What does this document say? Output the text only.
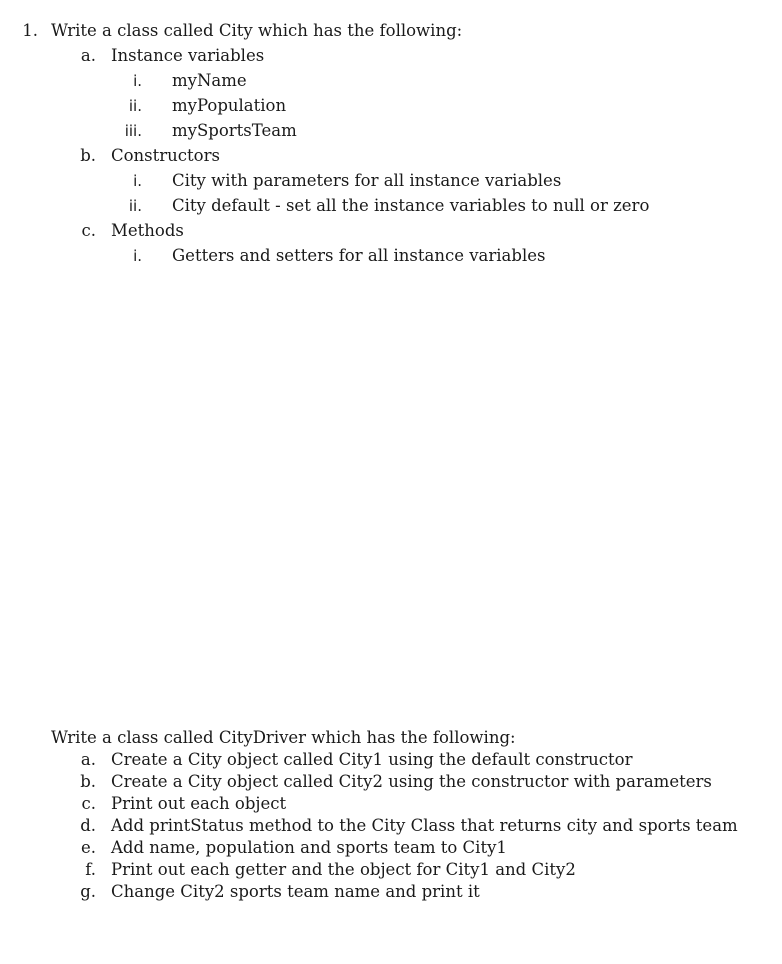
1. Write a class called City which has the following:
a. Instance variables
i. myName
ii. myPopulation
iii. mySportsTeam
b. Constructors
i. City with parameters for all instance variables
ii. City default - set all the instance variables to null or zero
c. Methods
i. Getters and setters for all instance variables
Write a class called CityDriver which has the following:
a. Create a City object called City1 using the default constructor
b. Create a City object called City2 using the constructor with parameters
c. Print out each object
d. Add printStatus method to the City Class that returns city and sports team
e. Add name, population and sports team to City1
f. Print out each getter and the object for City1 and City2
g. Change City2 sports team name and print it
